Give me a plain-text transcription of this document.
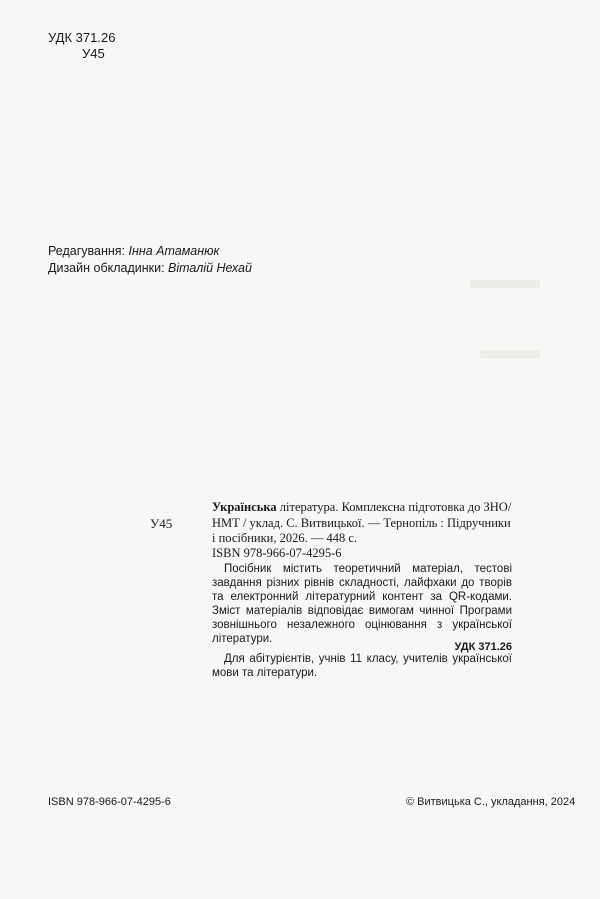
УДК 371.26
У45
Редагування: Інна Атаманюк
Дизайн обкладинки: Віталій Нехай
У45
Українська література. Комплексна підготовка до ЗНО/НМТ / уклад. С. Витвицької. — Тернопіль : Підручники і посібники, 2026. — 448 с.
ISBN 978-966-07-4295-6

Посібник містить теоретичний матеріал, тестові завдання різних рівнів складності, лайфхаки до творів та електронний літературний контент за QR-кодами. Зміст матеріалів відповідає вимогам чинної Програми зовнішнього незалежного оцінювання з української літератури.

Для абітурієнтів, учнів 11 класу, учителів української мови та літератури.

УДК 371.26
ISBN 978-966-07-4295-6	© Витвицька С., укладання, 2024
